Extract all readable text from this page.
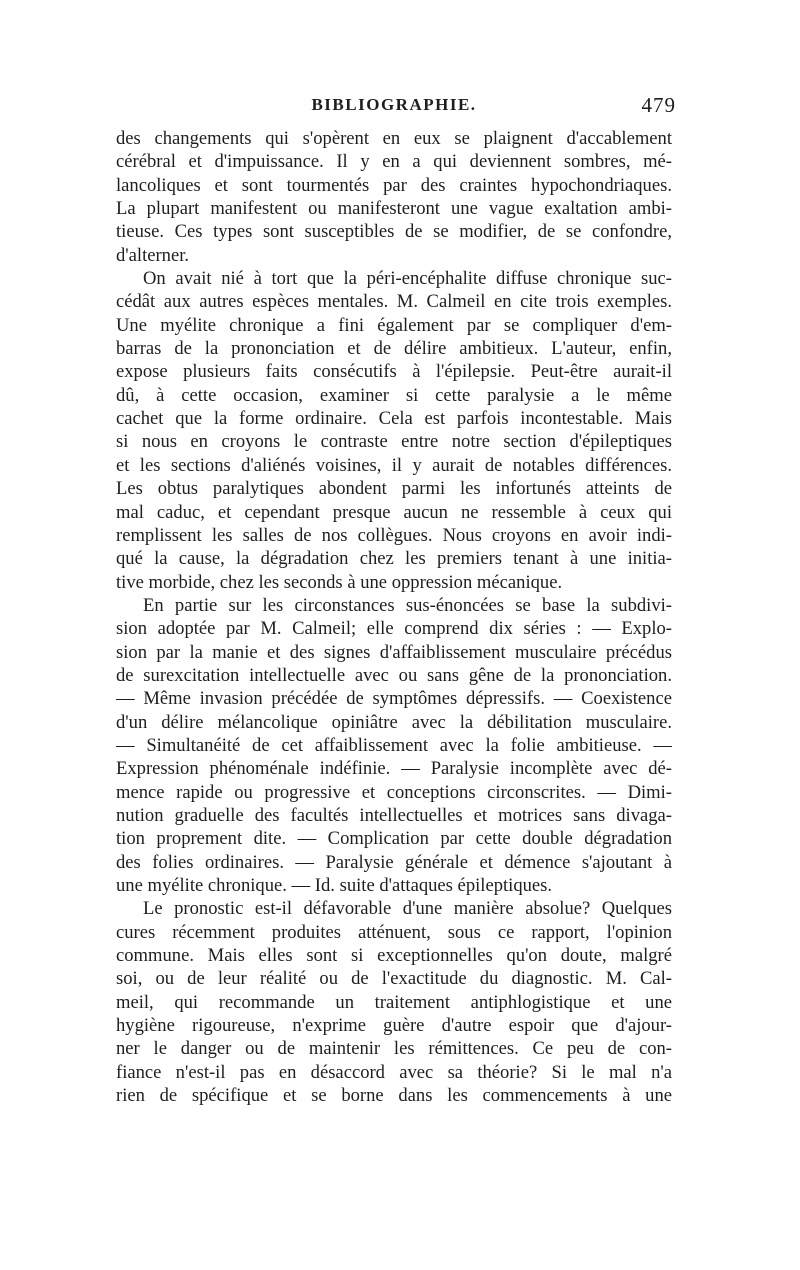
BIBLIOGRAPHIE.	479
des changements qui s'opèrent en eux se plaignent d'accablement
cérébral et d'impuissance. Il y en a qui deviennent sombres, mé-
lancoliques et sont tourmentés par des craintes hypochondriaques.
La plupart manifestent ou manifesteront une vague exaltation ambi-
tieuse. Ces types sont susceptibles de se modifier, de se confondre,
d'alterner.
On avait nié à tort que la péri-encéphalite diffuse chronique suc-
cédât aux autres espèces mentales. M. Calmeil en cite trois exemples.
Une myélite chronique a fini également par se compliquer d'em-
barras de la prononciation et de délire ambitieux. L'auteur, enfin,
expose plusieurs faits consécutifs à l'épilepsie. Peut-être aurait-il
dû, à cette occasion, examiner si cette paralysie a le même
cachet que la forme ordinaire. Cela est parfois incontestable. Mais
si nous en croyons le contraste entre notre section d'épileptiques
et les sections d'aliénés voisines, il y aurait de notables différences.
Les obtus paralytiques abondent parmi les infortunés atteints de
mal caduc, et cependant presque aucun ne ressemble à ceux qui
remplissent les salles de nos collègues. Nous croyons en avoir indi-
qué la cause, la dégradation chez les premiers tenant à une initia-
tive morbide, chez les seconds à une oppression mécanique.
En partie sur les circonstances sus-énoncées se base la subdivi-
sion adoptée par M. Calmeil; elle comprend dix séries : — Explo-
sion par la manie et des signes d'affaiblissement musculaire précédus
de surexcitation intellectuelle avec ou sans gêne de la prononciation.
— Même invasion précédée de symptômes dépressifs. — Coexistence
d'un délire mélancolique opiniâtre avec la débilitation musculaire.
— Simultanéité de cet affaiblissement avec la folie ambitieuse. —
Expression phénoménale indéfinie. — Paralysie incomplète avec dé-
mence rapide ou progressive et conceptions circonscrites. — Dimi-
nution graduelle des facultés intellectuelles et motrices sans divaga-
tion proprement dite. — Complication par cette double dégradation
des folies ordinaires. — Paralysie générale et démence s'ajoutant à
une myélite chronique. — Id. suite d'attaques épileptiques.
Le pronostic est-il défavorable d'une manière absolue? Quelques
cures récemment produites atténuent, sous ce rapport, l'opinion
commune. Mais elles sont si exceptionnelles qu'on doute, malgré
soi, ou de leur réalité ou de l'exactitude du diagnostic. M. Cal-
meil, qui recommande un traitement antiphlogistique et une
hygiène rigoureuse, n'exprime guère d'autre espoir que d'ajour-
ner le danger ou de maintenir les rémittences. Ce peu de con-
fiance n'est-il pas en désaccord avec sa théorie? Si le mal n'a
rien de spécifique et se borne dans les commencements à une
